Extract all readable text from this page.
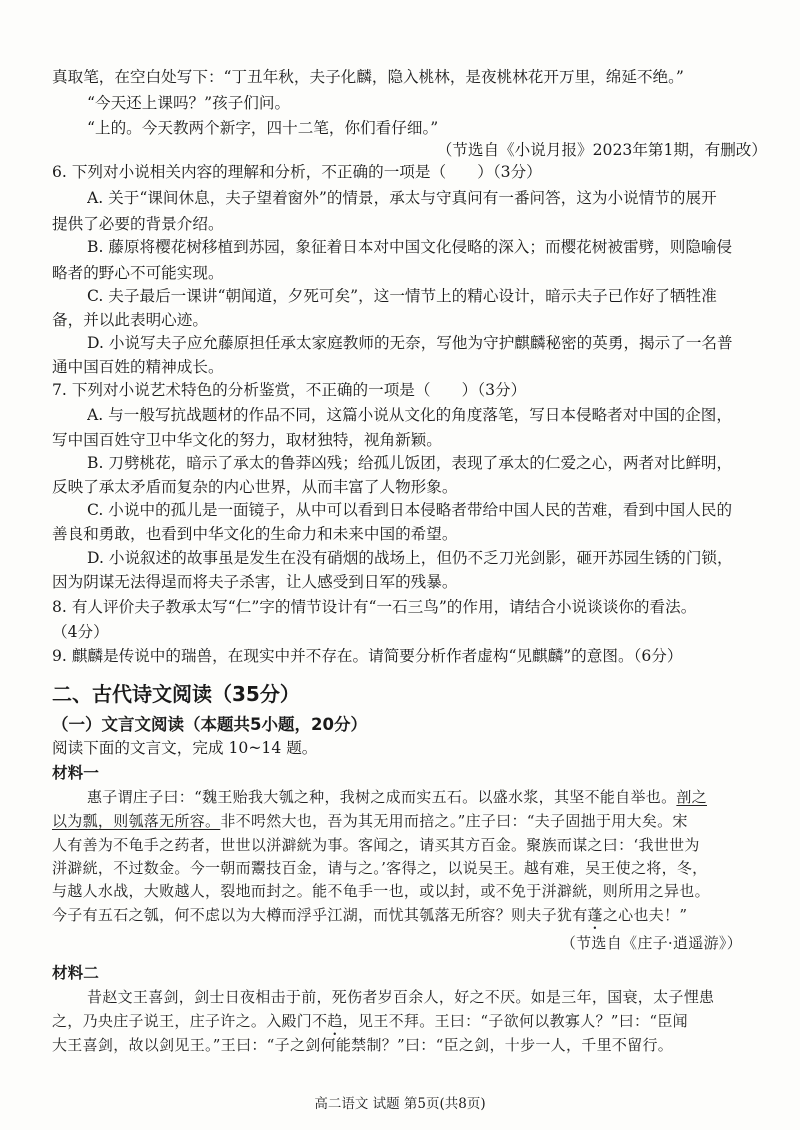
真取笔，在空白处写下：“丁丑年秋，夫子化麟，隐入桃林，是夜桃林花开万里，绵延不绝。”
“今天还上课吗？”孩子们问。
“上的。今天教两个新字，四十二笔，你们看仔细。”
（节选自《小说月报》2023年第1期，有删改）
6. 下列对小说相关内容的理解和分析，不正确的一项是（　　）（3分）
A. 关于“课间休息，夫子望着窗外”的情景，承太与守真问有一番问答，这为小说情节的展开
提供了必要的背景介绍。
B. 藤原将樱花树移植到苏园，象征着日本对中国文化侵略的深入；而樱花树被雷劈，则隐喻侵
略者的野心不可能实现。
C. 夫子最后一课讲“朝闻道，夕死可矣”，这一情节上的精心设计，暗示夫子已作好了牺牲准
备，并以此表明心迹。
D. 小说写夫子应允藤原担任承太家庭教师的无奈，写他为守护麒麟秘密的英勇，揭示了一名普
通中国百姓的精神成长。
7. 下列对小说艺术特色的分析鉴赏，不正确的一项是（　　）（3分）
A. 与一般写抗战题材的作品不同，这篇小说从文化的角度落笔，写日本侵略者对中国的企图，
写中国百姓守卫中华文化的努力，取材独特，视角新颖。
B. 刀劈桃花，暗示了承太的鲁莽凶残；给孤儿饭团，表现了承太的仁爱之心，两者对比鲜明，
反映了承太矛盾而复杂的内心世界，从而丰富了人物形象。
C. 小说中的孤儿是一面镜子，从中可以看到日本侵略者带给中国人民的苦难，看到中国人民的
善良和勇敢，也看到中华文化的生命力和未来中国的希望。
D. 小说叙述的故事虽是发生在没有硝烟的战场上，但仍不乏刀光剑影，砸开苏园生锈的门锁，
因为阴谋无法得逞而将夫子杀害，让人感受到日军的残暴。
8. 有人评价夫子教承太写“仁”字的情节设计有“一石三鸟”的作用，请结合小说谈谈你的看法。
（4分）
9. 麒麟是传说中的瑞兽，在现实中并不存在。请简要分析作者虚构“见麒麟”的意图。（6分）
二、古代诗文阅读（35分）
（一）文言文阅读（本题共5小题，20分）
阅读下面的文言文，完成 10~14 题。
材料一
惠子谓庄子曰：“魏王贻我大瓠之种，我树之成而实五石。以盛水浆，其坚不能自举也。剖之
以为瓢，则瓠落无所容。非不呺然大也，吾为其无用而掊之。”庄子曰：“夫子固拙于用大矣。宋
人有善为不龟手之药者，世世以洴澼絖为事。客闻之，请买其方百金。聚族而谋之曰：‘我世世为
洴澼絖，不过数金。今一朝而鬻技百金，请与之。’客得之，以说吴王。越有难，吴王使之将，冬，
与越人水战，大败越人，裂地而封之。能不龟手一也，或以封，或不免于洴澼絖，则所用之异也。
今子有五石之瓠，何不虑以为大樽而浮乎江湖，而忧其瓠落无所容？则夫子犹有蓬之心也夫！”
（节选自《庄子·逍遥游》）
材料二
昔赵文王喜剑，剑士日夜相击于前，死伤者岁百余人，好之不厌。如是三年，国衰，太子悝患
之，乃央庄子说王，庄子许之。入殿门不趋，见王不拜。王曰：“子欲何以教寡人？”曰：“臣闻
大王喜剑，故以剑见王。”王曰：“子之剑何能禁制？”曰：“臣之剑，十步一人，千里不留行。
高二语文 试题 第5页(共8页)
